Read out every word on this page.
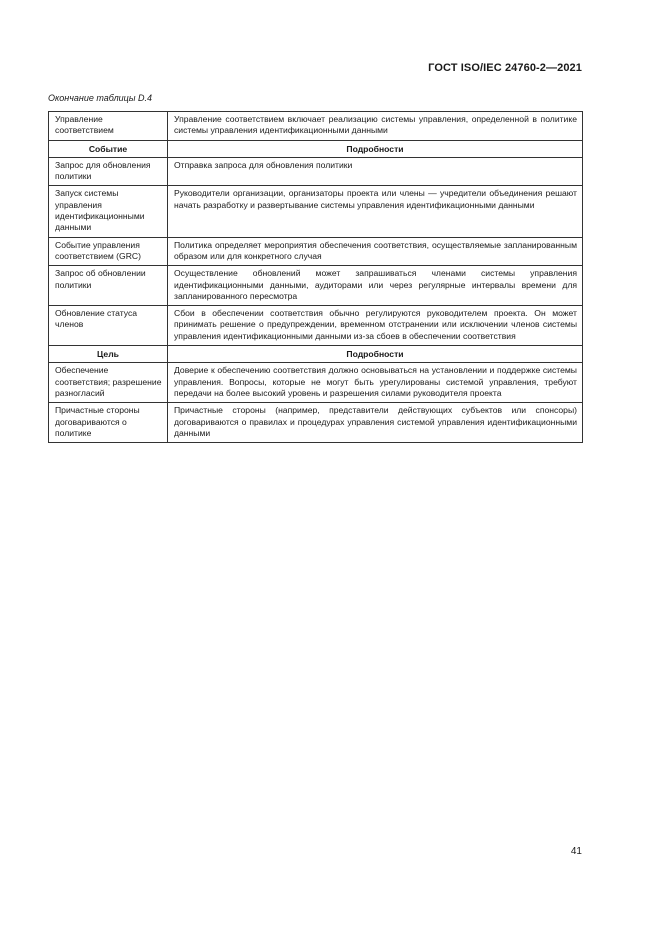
ГОСТ ISO/IEC 24760-2—2021
Окончание таблицы D.4
Управление соответствием	Управление соответствием включает реализацию системы управления, определенной в политике системы управления идентификационными данными
Событие	Подробности
Запрос для обновления политики	Отправка запроса для обновления политики
Запуск системы управления идентификационными данными	Руководители организации, организаторы проекта или члены — учредители объединения решают начать разработку и развертывание системы управления идентификационными данными
Событие управления соответствием (GRC)	Политика определяет мероприятия обеспечения соответствия, осуществляемые запланированным образом или для конкретного случая
Запрос об обновлении политики	Осуществление обновлений может запрашиваться членами системы управления идентификационными данными, аудиторами или через регулярные интервалы времени для запланированного пересмотра
Обновление статуса членов	Сбои в обеспечении соответствия обычно регулируются руководителем проекта. Он может принимать решение о предупреждении, временном отстранении или исключении членов системы управления идентификационными данными из-за сбоев в обеспечении соответствия
Цель	Подробности
Обеспечение соответствия; разрешение разногласий	Доверие к обеспечению соответствия должно основываться на установлении и поддержке системы управления. Вопросы, которые не могут быть урегулированы системой управления, требуют передачи на более высокий уровень и разрешения силами руководителя проекта
Причастные стороны договариваются о политике	Причастные стороны (например, представители действующих субъектов или спонсоры) договариваются о правилах и процедурах управления системой управления идентификационными данными
41
